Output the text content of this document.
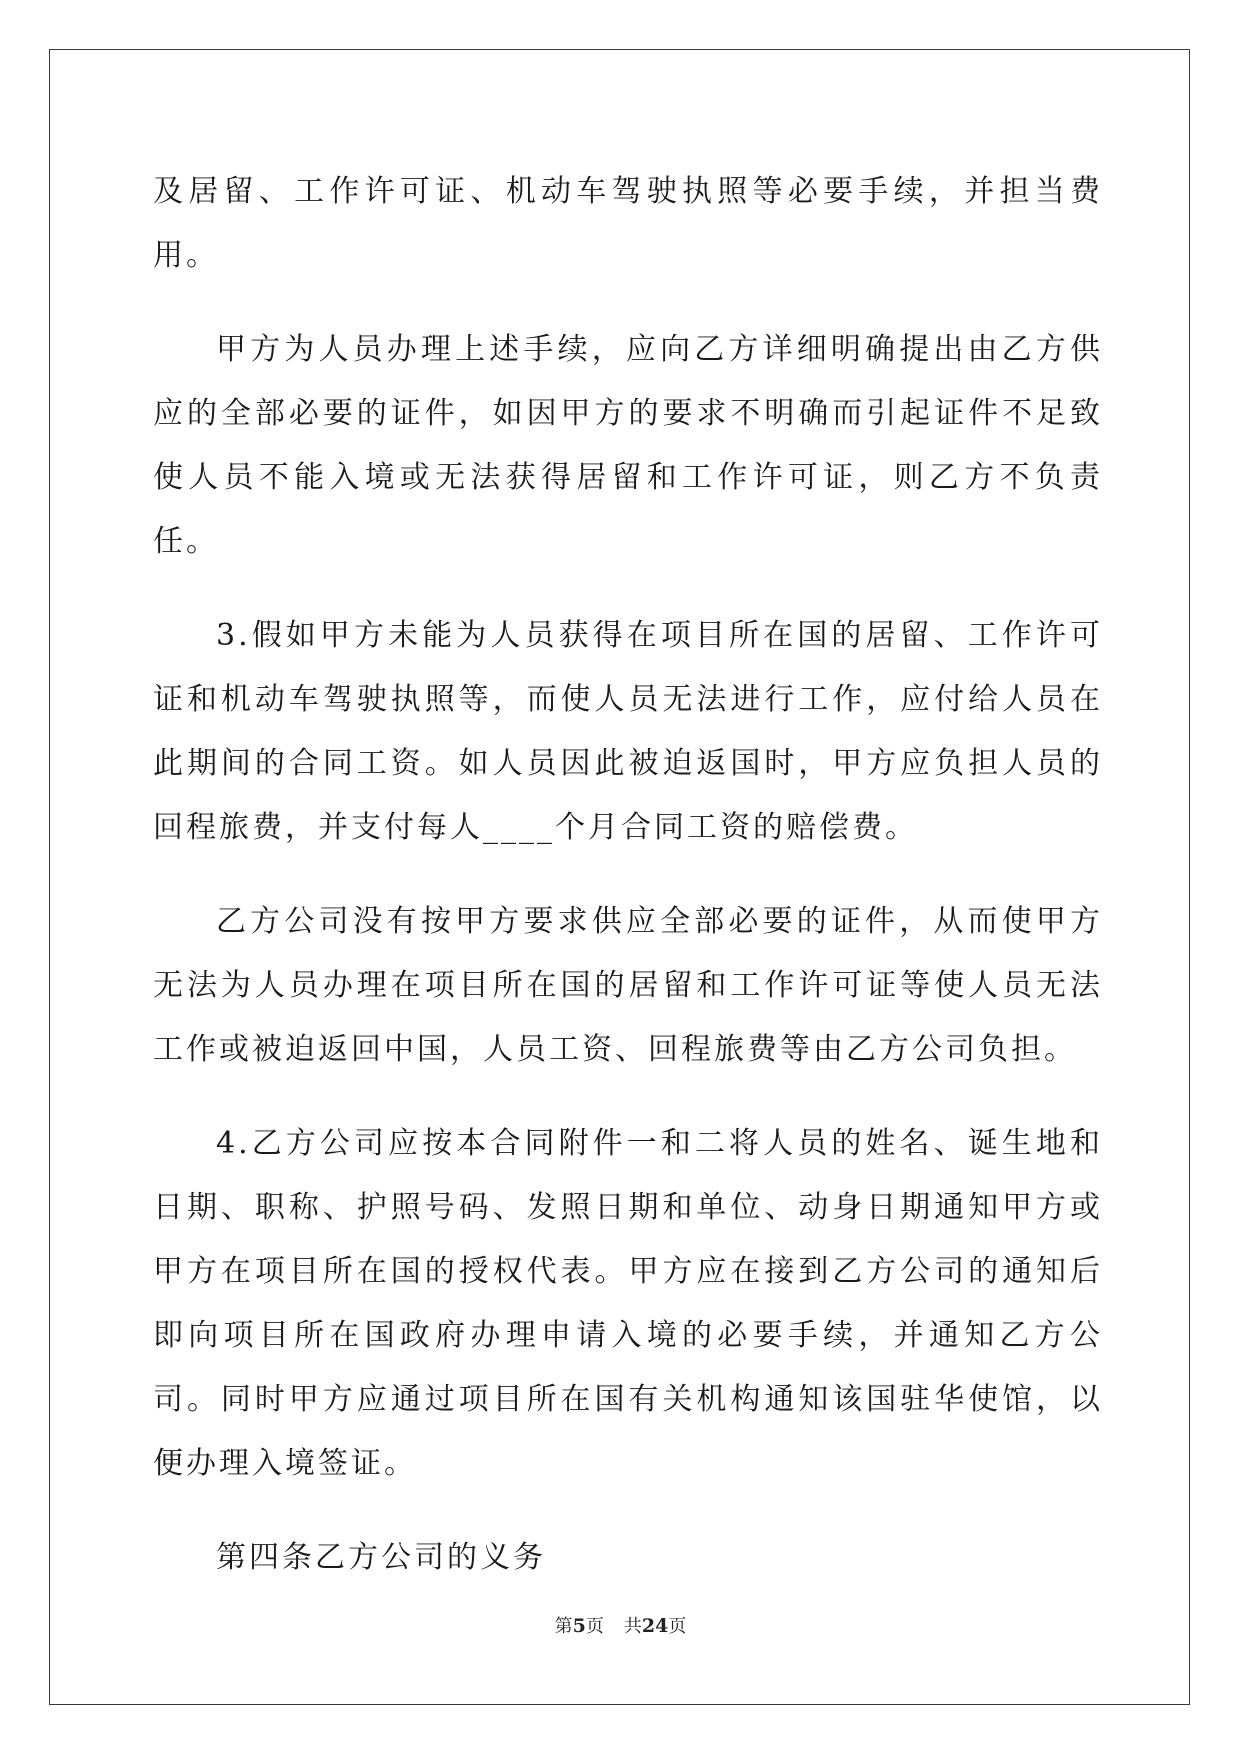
及居留、工作许可证、机动车驾驶执照等必要手续，并担当费用。

甲方为人员办理上述手续，应向乙方详细明确提出由乙方供应的全部必要的证件，如因甲方的要求不明确而引起证件不足致使人员不能入境或无法获得居留和工作许可证，则乙方不负责任。

3.假如甲方未能为人员获得在项目所在国的居留、工作许可证和机动车驾驶执照等，而使人员无法进行工作，应付给人员在此期间的合同工资。如人员因此被迫返国时，甲方应负担人员的回程旅费，并支付每人____个月合同工资的赔偿费。

乙方公司没有按甲方要求供应全部必要的证件，从而使甲方无法为人员办理在项目所在国的居留和工作许可证等使人员无法工作或被迫返回中国，人员工资、回程旅费等由乙方公司负担。

4.乙方公司应按本合同附件一和二将人员的姓名、诞生地和日期、职称、护照号码、发照日期和单位、动身日期通知甲方或甲方在项目所在国的授权代表。甲方应在接到乙方公司的通知后即向项目所在国政府办理申请入境的必要手续，并通知乙方公司。同时甲方应通过项目所在国有关机构通知该国驻华使馆，以便办理入境签证。

第四条乙方公司的义务

第5页 共24页
